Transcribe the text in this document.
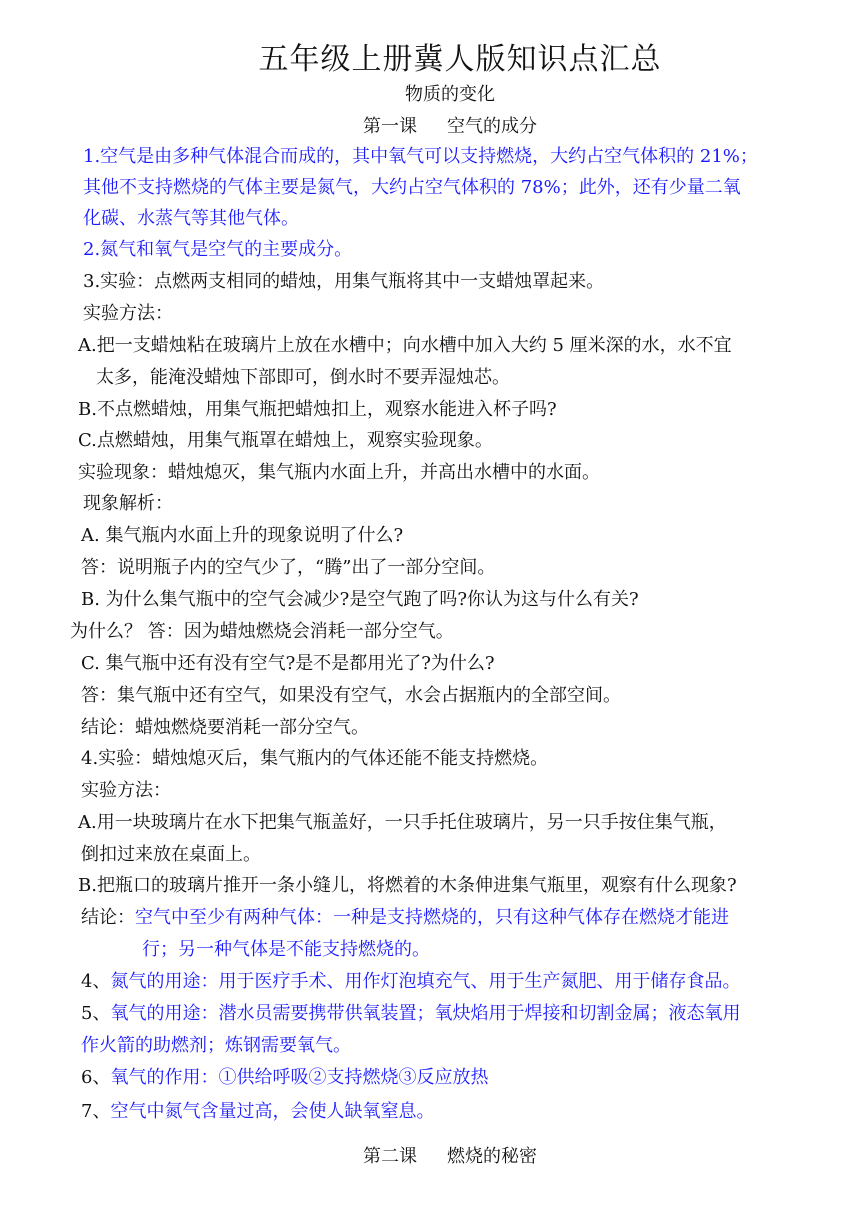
五年级上册冀人版知识点汇总
物质的变化
第一课 空气的成分
1.空气是由多种气体混合而成的，其中氧气可以支持燃烧，大约占空气体积的 21%；
其他不支持燃烧的气体主要是氮气，大约占空气体积的 78%；此外，还有少量二氧
化碳、水蒸气等其他气体。
2.氮气和氧气是空气的主要成分。
3.实验：点燃两支相同的蜡烛，用集气瓶将其中一支蜡烛罩起来。
实验方法：
A.把一支蜡烛粘在玻璃片上放在水槽中；向水槽中加入大约 5 厘米深的水，水不宜
太多，能淹没蜡烛下部即可，倒水时不要弄湿烛芯。
B.不点燃蜡烛，用集气瓶把蜡烛扣上，观察水能进入杯子吗?
C.点燃蜡烛，用集气瓶罩在蜡烛上，观察实验现象。
实验现象：蜡烛熄灭，集气瓶内水面上升，并高出水槽中的水面。
现象解析：
A. 集气瓶内水面上升的现象说明了什么?
答：说明瓶子内的空气少了，“腾”出了一部分空间。
B. 为什么集气瓶中的空气会减少?是空气跑了吗?你认为这与什么有关?
为什么？ 答：因为蜡烛燃烧会消耗一部分空气。
C. 集气瓶中还有没有空气?是不是都用光了?为什么?
答：集气瓶中还有空气，如果没有空气，水会占据瓶内的全部空间。
结论：蜡烛燃烧要消耗一部分空气。
4.实验：蜡烛熄灭后，集气瓶内的气体还能不能支持燃烧。
实验方法：
A.用一块玻璃片在水下把集气瓶盖好，一只手托住玻璃片，另一只手按住集气瓶，
倒扣过来放在桌面上。
B.把瓶口的玻璃片推开一条小缝儿，将燃着的木条伸进集气瓶里，观察有什么现象?
结论：空气中至少有两种气体：一种是支持燃烧的，只有这种气体存在燃烧才能进
行；另一种气体是不能支持燃烧的。
4、氮气的用途：用于医疗手术、用作灯泡填充气、用于生产氮肥、用于储存食品。
5、氧气的用途：潜水员需要携带供氧装置；氧炔焰用于焊接和切割金属；液态氧用
作火箭的助燃剂；炼钢需要氧气。
6、氧气的作用：①供给呼吸②支持燃烧③反应放热
7、空气中氮气含量过高，会使人缺氧窒息。
第二课 燃烧的秘密
